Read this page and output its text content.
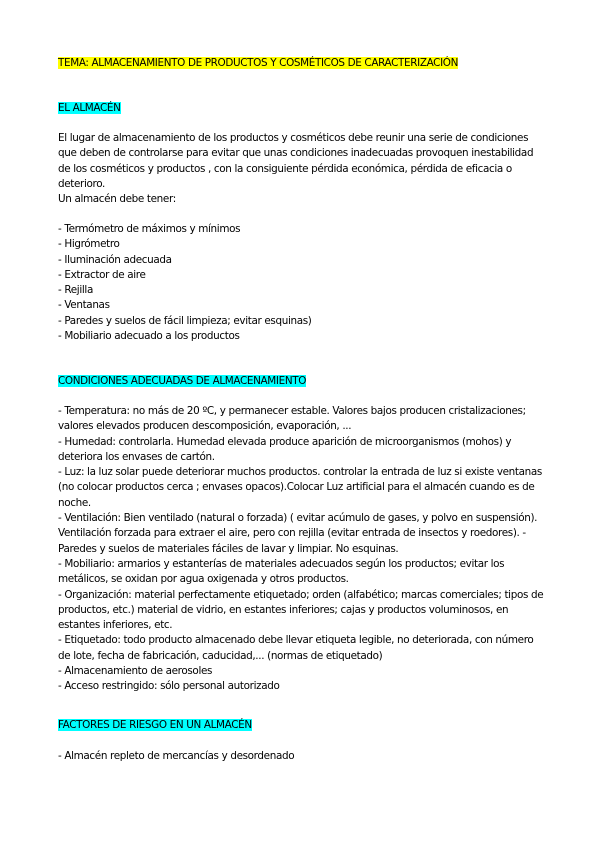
TEMA: ALMACENAMIENTO DE PRODUCTOS Y COSMÉTICOS DE CARACTERIZACIÓN
EL ALMACÉN

El lugar de almacenamiento de los productos y cosméticos debe reunir una serie de condiciones que deben de controlarse para evitar que unas condiciones inadecuadas provoquen inestabilidad de los cosméticos y productos , con la consiguiente pérdida económica, pérdida de eficacia o deterioro.

Un almacén debe tener:

- Termómetro de máximos y mínimos

- Higrómetro

- Iluminación adecuada

- Extractor de aire

- Rejilla

- Ventanas

- Paredes y suelos de fácil limpieza; evitar esquinas)

- Mobiliario adecuado a los productos

CONDICIONES ADECUADAS DE ALMACENAMIENTO

- Temperatura: no más de 20 ºC, y permanecer estable. Valores bajos producen cristalizaciones; valores elevados producen descomposición, evaporación, ...

- Humedad: controlarla. Humedad elevada produce aparición de microorganismos (mohos) y deteriora los envases de cartón.

- Luz: la luz solar puede deteriorar muchos productos. controlar la entrada de luz si existe ventanas (no colocar productos cerca ; envases opacos).Colocar Luz artificial para el almacén cuando es de noche.

- Ventilación: Bien ventilado (natural o forzada) ( evitar acúmulo de gases, y polvo en suspensión). Ventilación forzada para extraer el aire, pero con rejilla (evitar entrada de insectos y roedores). - Paredes y suelos de materiales fáciles de lavar y limpiar. No esquinas.

- Mobiliario: armarios y estanterías de materiales adecuados según los productos; evitar los metálicos, se oxidan por agua oxigenada y otros productos.

- Organización: material perfectamente etiquetado; orden (alfabético; marcas comerciales; tipos de productos, etc.) material de vidrio, en estantes inferiores; cajas y productos voluminosos, en estantes inferiores, etc.

- Etiquetado: todo producto almacenado debe llevar etiqueta legible, no deteriorada, con número de lote, fecha de fabricación, caducidad,... (normas de etiquetado)

- Almacenamiento de aerosoles

- Acceso restringido: sólo personal autorizado

FACTORES DE RIESGO EN UN ALMACÉN

- Almacén repleto de mercancías y desordenado
